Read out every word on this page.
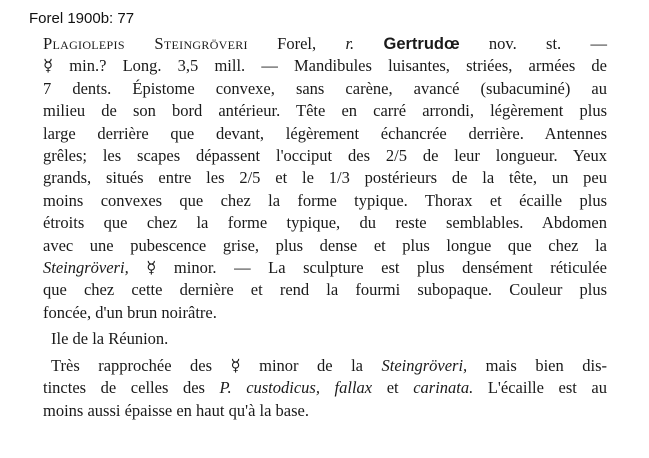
Forel 1900b: 77
Plagiolepis Steingröveri Forel, r. Gertrudœ nov. st. —
☿ min.? Long. 3,5 mill. — Mandibules luisantes, striées, armées de
7 dents. Épistome convexe, sans carène, avancé (subacuminé) au
milieu de son bord antérieur. Tête en carré arrondi, légèrement plus
large derrière que devant, légèrement échancrée derrière. Antennes
grêles; les scapes dépassent l'occiput des 2/5 de leur longueur. Yeux
grands, situés entre les 2/5 et le 1/3 postérieurs de la tête, un peu
moins convexes que chez la forme typique. Thorax et écaille plus
étroits que chez la forme typique, du reste semblables. Abdomen
avec une pubescence grise, plus dense et plus longue que chez la
Steingröveri, ☿ minor. — La sculpture est plus densément réticulée
que chez cette dernière et rend la fourmi subopaque. Couleur plus
foncée, d'un brun noirâtre.
Ile de la Réunion.
Très rapprochée des ☿ minor de la Steingröveri, mais bien dis-
tinctes de celles des P. custodicus, fallax et carinata. L'écaille est au
moins aussi épaisse en haut qu'à la base.
